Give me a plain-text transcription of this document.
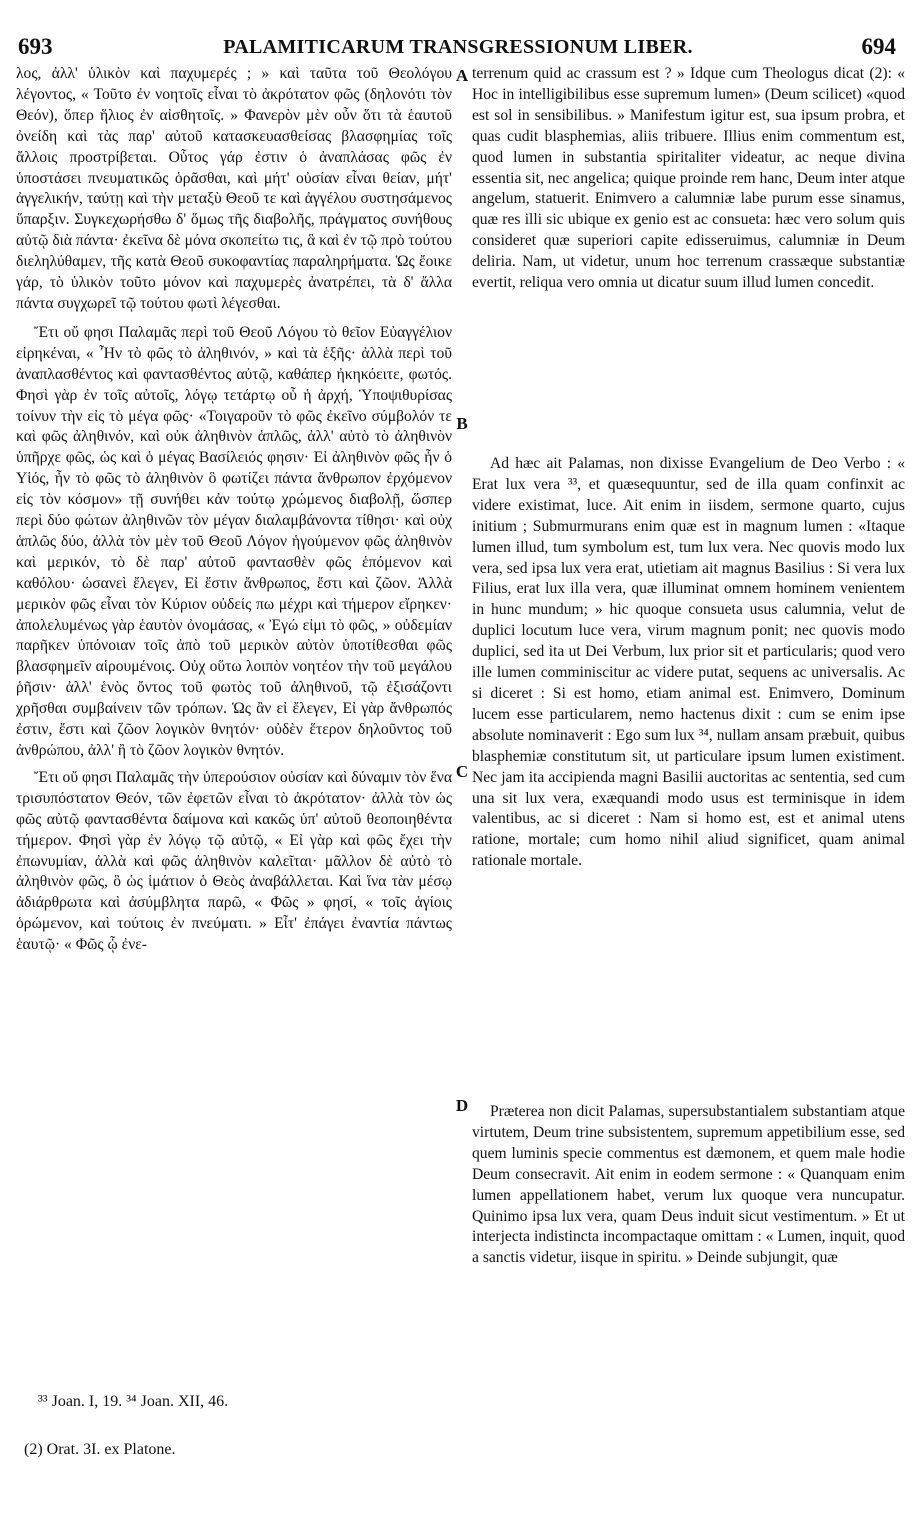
693	PALAMITICARUM TRANSGRESSIONUM LIBER.	694

λος, ἀλλ' ὑλικὸν καὶ παχυμερές ; » καὶ ταῦτα τοῦ Θεολόγου λέγοντος, « Τοῦτο ἐν νοητοῖς εἶναι τὸ ἀκρότατον φῶς (δηλονότι τὸν Θεόν), ὅπερ ἥλιος ἐν αἰσθητοῖς. » Φανερὸν μὲν οὖν ὅτι τὰ ἑαυτοῦ ὀνείδη καὶ τὰς παρ' αὐτοῦ κατασκευασθείσας βλασφημίας τοῖς ἄλλοις προστρίβεται. Οὗτος γάρ ἐστιν ὁ ἀναπλάσας φῶς ἐν ὑποστάσει πνευματικῶς ὁρᾶσθαι, καὶ μήτ' οὐσίαν εἶναι θείαν, μήτ' ἀγγελικήν, ταύτῃ καὶ τὴν μεταξὺ Θεοῦ τε καὶ ἀγγέλου συστησάμενος ὕπαρξιν. Συγκεχωρήσθω δ' ὅμως τῆς διαβολῆς, πράγματος συνήθους αὐτῷ διὰ πάντα· ἐκεῖνα δὲ μόνα σκοπείτω τις, ἃ καὶ ἐν τῷ πρὸ τούτου διεληλύθαμεν, τῆς κατὰ Θεοῦ συκοφαντίας παραληρήματα. Ὡς ἔοικε γάρ, τὸ ὑλικὸν τοῦτο μόνον καὶ παχυμερὲς ἀνατρέπει, τὰ δ' ἄλλα πάντα συγχωρεῖ τῷ τούτου φωτὶ λέγεσθαι.

Ἔτι οὔ φησι Παλαμᾶς περὶ τοῦ Θεοῦ Λόγου τὸ θεῖον Εὐαγγέλιον εἰρηκέναι, « Ἦν τὸ φῶς τὸ ἀληθινόν, » καὶ τὰ ἑξῆς· ἀλλὰ περὶ τοῦ ἀναπλασθέντος καὶ φαντασθέντος αὐτῷ, καθάπερ ἠκηκόειτε, φωτός. Φησὶ γὰρ ἐν τοῖς αὐτοῖς, λόγῳ τετάρτῳ οὗ ἡ ἀρχή, Ὑποψιθυρίσας τοίνυν τὴν εἰς τὸ μέγα φῶς· «Τοιγαροῦν τὸ φῶς ἐκεῖνο σύμβολόν τε καὶ φῶς ἀληθινόν, καὶ οὐκ ἀληθινὸν ἁπλῶς, ἀλλ' αὐτὸ τὸ ἀληθινὸν ὑπῆρχε φῶς, ὡς καὶ ὁ μέγας Βασίλειός φησιν· Εἰ ἀληθινὸν φῶς ἦν ὁ Υἱός, ἦν τὸ φῶς τὸ ἀληθινὸν ὃ φωτίζει πάντα ἄνθρωπον ἐρχόμενον εἰς τὸν κόσμον» τῇ συνήθει κἀν τούτῳ χρώμενος διαβολῇ, ὥσπερ περὶ δύο φώτων ἀληθινῶν τὸν μέγαν διαλαμβάνοντα τίθησι· καὶ οὐχ ἁπλῶς δύο, ἀλλὰ τὸν μὲν τοῦ Θεοῦ Λόγον ἡγούμενον φῶς ἀληθινὸν καὶ μερικόν, τὸ δὲ παρ' αὐτοῦ φαντασθὲν φῶς ἑπόμενον καὶ καθόλου· ὡσανεὶ ἔλεγεν, Εἰ ἔστιν ἄνθρωπος, ἔστι καὶ ζῶον. Ἀλλὰ μερικὸν φῶς εἶναι τὸν Κύριον οὐδείς πω μέχρι καὶ τήμερον εἴρηκεν· ἀπολελυμένως γὰρ ἑαυτὸν ὀνομάσας, « Ἐγώ εἰμι τὸ φῶς, » οὐδεμίαν παρῆκεν ὑπόνοιαν τοῖς ἀπὸ τοῦ μερικὸν αὐτὸν ὑποτίθεσθαι φῶς βλασφημεῖν αἱρουμένοις. Οὐχ οὕτω λοιπὸν νοητέον τὴν τοῦ μεγάλου ῥῆσιν· ἀλλ' ἑνὸς ὄντος τοῦ φωτὸς τοῦ ἀληθινοῦ, τῷ ἐξισάζοντι χρῆσθαι συμβαίνειν τῶν τρόπων. Ὡς ἂν εἰ ἔλεγεν, Εἰ γὰρ ἄνθρωπός ἐστιν, ἔστι καὶ ζῶον λογικὸν θνητόν· οὐδὲν ἕτερον δηλοῦντος τοῦ ἀνθρώπου, ἀλλ' ἢ τὸ ζῶον λογικὸν θνητόν.

Ἔτι οὔ φησι Παλαμᾶς τὴν ὑπερούσιον οὐσίαν καὶ δύναμιν τὸν ἕνα τρισυπόστατον Θεόν, τῶν ἐφετῶν εἶναι τὸ ἀκρότατον· ἀλλὰ τὸν ὡς φῶς αὐτῷ φαντασθέντα δαίμονα καὶ κακῶς ὑπ' αὐτοῦ θεοποιηθέντα τήμερον. Φησὶ γὰρ ἐν λόγῳ τῷ αὐτῷ, « Εἰ γὰρ καὶ φῶς ἔχει τὴν ἐπωνυμίαν, ἀλλὰ καὶ φῶς ἀληθινὸν καλεῖται· μᾶλλον δὲ αὐτὸ τὸ ἀληθινὸν φῶς, ὃ ὡς ἱμάτιον ὁ Θεὸς ἀναβάλλεται. Καὶ ἵνα τὰν μέσῳ ἀδιάρθρωτα καὶ ἀσύμβλητα παρῶ, « Φῶς » φησί, « τοῖς ἁγίοις ὁρώμενον, καὶ τούτοις ἐν πνεύματι. » Εἶτ' ἐπάγει ἐναντία πάντως ἑαυτῷ· « Φῶς ᾧ ἐνε-

A
B
C
D

terrenum quid ac crassum est ? » Idque cum Theologus dicat (2): « Hoc in intelligibilibus esse supremum lumen» (Deum scilicet) «quod est sol in sensibilibus. » Manifestum igitur est, sua ipsum probra, et quas cudit blasphemias, aliis tribuere. Illius enim commentum est, quod lumen in substantia spiritaliter videatur, ac neque divina essentia sit, nec angelica; quique proinde rem hanc, Deum inter atque angelum, statuerit. Enimvero a calumniæ labe purum esse sinamus, quæ res illi sic ubique ex genio est ac consueta: hæc vero solum quis consideret quæ superiori capite edisseruimus, calumniæ in Deum deliria. Nam, ut videtur, unum hoc terrenum crassæque substantiæ evertit, reliqua vero omnia ut dicatur suum illud lumen concedit.

Ad hæc ait Palamas, non dixisse Evangelium de Deo Verbo : « Erat lux vera ³³, et quæsequuntur, sed de illa quam confinxit ac videre existimat, luce. Ait enim in iisdem, sermone quarto, cujus initium ; Submurmurans enim quæ est in magnum lumen : «Itaque lumen illud, tum symbolum est, tum lux vera. Nec quovis modo lux vera, sed ipsa lux vera erat, utietiam ait magnus Basilius : Si vera lux Filius, erat lux illa vera, quæ illuminat omnem hominem venientem in hunc mundum; » hic quoque consueta usus calumnia, velut de duplici locutum luce vera, virum magnum ponit; nec quovis modo duplici, sed ita ut Dei Verbum, lux prior sit et particularis; quod vero ille lumen comminiscitur ac videre putat, sequens ac universalis. Ac si diceret : Si est homo, etiam animal est. Enimvero, Dominum lucem esse particularem, nemo hactenus dixit : cum se enim ipse absolute nominaverit : Ego sum lux ³⁴, nullam ansam præbuit, quibus blasphemiæ constitutum sit, ut particulare ipsum lumen existiment. Nec jam ita accipienda magni Basilii auctoritas ac sententia, sed cum una sit lux vera, exæquandi modo usus est terminisque in idem valentibus, ac si diceret : Nam si homo est, est et animal utens ratione, mortale; cum homo nihil aliud significet, quam animal rationale mortale.

Præterea non dicit Palamas, supersubstantialem substantiam atque virtutem, Deum trine subsistentem, supremum appetibilium esse, sed quem luminis specie commentus est dæmonem, et quem male hodie Deum consecravit. Ait enim in eodem sermone : « Quanquam enim lumen appellationem habet, verum lux quoque vera nuncupatur. Quinimo ipsa lux vera, quam Deus induit sicut vestimentum. » Et ut interjecta indistincta incompactaque omittam : « Lumen, inquit, quod a sanctis videtur, iisque in spiritu. » Deinde subjungit, quæ

³³ Joan. I, 19. ³⁴ Joan. XII, 46.
(2) Orat. 3I. ex Platone.
